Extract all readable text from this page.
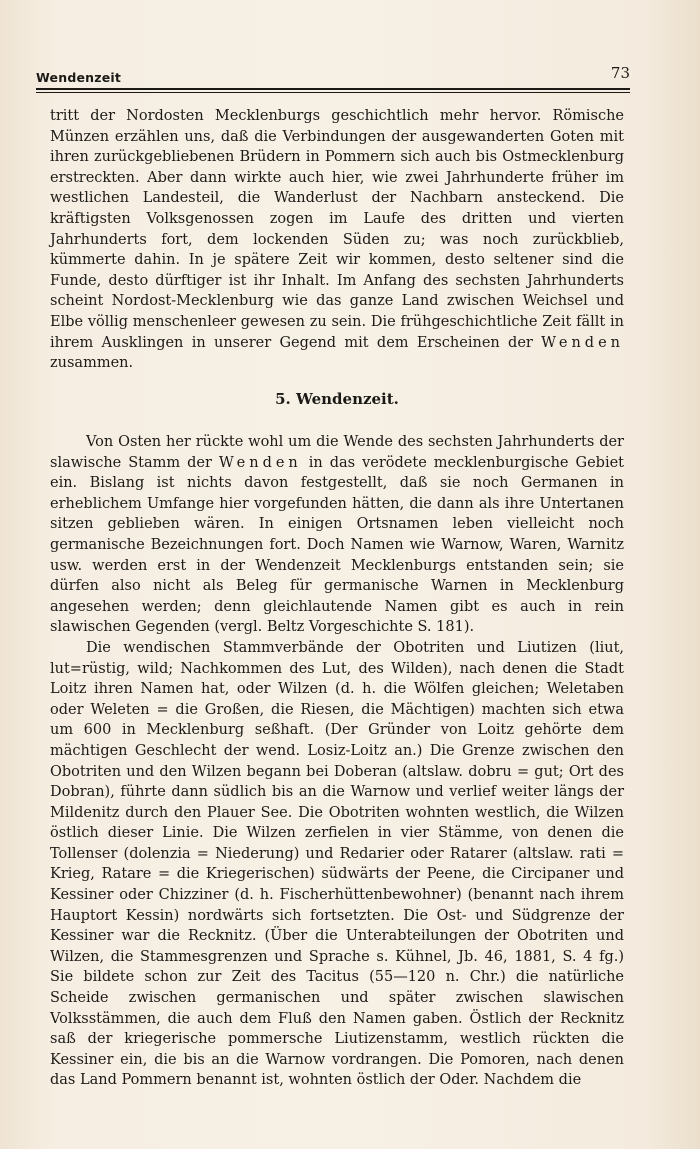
Wendenzeit	73

tritt der Nordosten Mecklenburgs geschichtlich mehr hervor. Römische Münzen erzählen uns, daß die Verbindungen der ausgewanderten Goten mit ihren zurückgebliebenen Brüdern in Pommern sich auch bis Ostmecklenburg erstreckten. Aber dann wirkte auch hier, wie zwei Jahrhunderte früher im westlichen Landesteil, die Wanderlust der Nachbarn ansteckend. Die kräftigsten Volksgenossen zogen im Laufe des dritten und vierten Jahrhunderts fort, dem lockenden Süden zu; was noch zurückblieb, kümmerte dahin. In je spätere Zeit wir kommen, desto seltener sind die Funde, desto dürftiger ist ihr Inhalt. Im Anfang des sechsten Jahrhunderts scheint Nordost-Mecklenburg wie das ganze Land zwischen Weichsel und Elbe völlig menschenleer gewesen zu sein. Die frühgeschichtliche Zeit fällt in ihrem Ausklingen in unserer Gegend mit dem Erscheinen der Wenden zusammen.

5. Wendenzeit.

Von Osten her rückte wohl um die Wende des sechsten Jahrhunderts der slawische Stamm der Wenden in das verödete mecklenburgische Gebiet ein. Bislang ist nichts davon festgestellt, daß sie noch Germanen in erheblichem Umfange hier vorgefunden hätten, die dann als ihre Untertanen sitzen geblieben wären. In einigen Ortsnamen leben vielleicht noch germanische Bezeichnungen fort. Doch Namen wie Warnow, Waren, Warnitz usw. werden erst in der Wendenzeit Mecklenburgs entstanden sein; sie dürfen also nicht als Beleg für germanische Warnen in Mecklenburg angesehen werden; denn gleichlautende Namen gibt es auch in rein slawischen Gegenden (vergl. Beltz Vorgeschichte S. 181).

Die wendischen Stammverbände der Obotriten und Liutizen (liut, lut=rüstig, wild; Nachkommen des Lut, des Wilden), nach denen die Stadt Loitz ihren Namen hat, oder Wilzen (d. h. die Wölfen gleichen; Weletaben oder Weleten = die Großen, die Riesen, die Mächtigen) machten sich etwa um 600 in Mecklenburg seßhaft. (Der Gründer von Loitz gehörte dem mächtigen Geschlecht der wend. Losiz-Loitz an.) Die Grenze zwischen den Obotriten und den Wilzen begann bei Doberan (altslaw. dobru = gut; Ort des Dobran), führte dann südlich bis an die Warnow und verlief weiter längs der Mildenitz durch den Plauer See. Die Obotriten wohnten westlich, die Wilzen östlich dieser Linie. Die Wilzen zerfielen in vier Stämme, von denen die Tollenser (dolenzia = Niederung) und Redarier oder Ratarer (altslaw. rati = Krieg, Ratare = die Kriegerischen) südwärts der Peene, die Circipaner und Kessiner oder Chizziner (d. h. Fischerhüttenbewohner) (benannt nach ihrem Hauptort Kessin) nordwärts sich fortsetzten. Die Ost- und Südgrenze der Kessiner war die Recknitz. (Über die Unterabteilungen der Obotriten und Wilzen, die Stammesgrenzen und Sprache s. Kühnel, Jb. 46, 1881, S. 4 fg.) Sie bildete schon zur Zeit des Tacitus (55—120 n. Chr.) die natürliche Scheide zwischen germanischen und später zwischen slawischen Volksstämmen, die auch dem Fluß den Namen gaben. Östlich der Recknitz saß der kriegerische pommersche Liutizenstamm, westlich rückten die Kessiner ein, die bis an die Warnow vordrangen. Die Pomoren, nach denen das Land Pommern benannt ist, wohnten östlich der Oder. Nachdem die
